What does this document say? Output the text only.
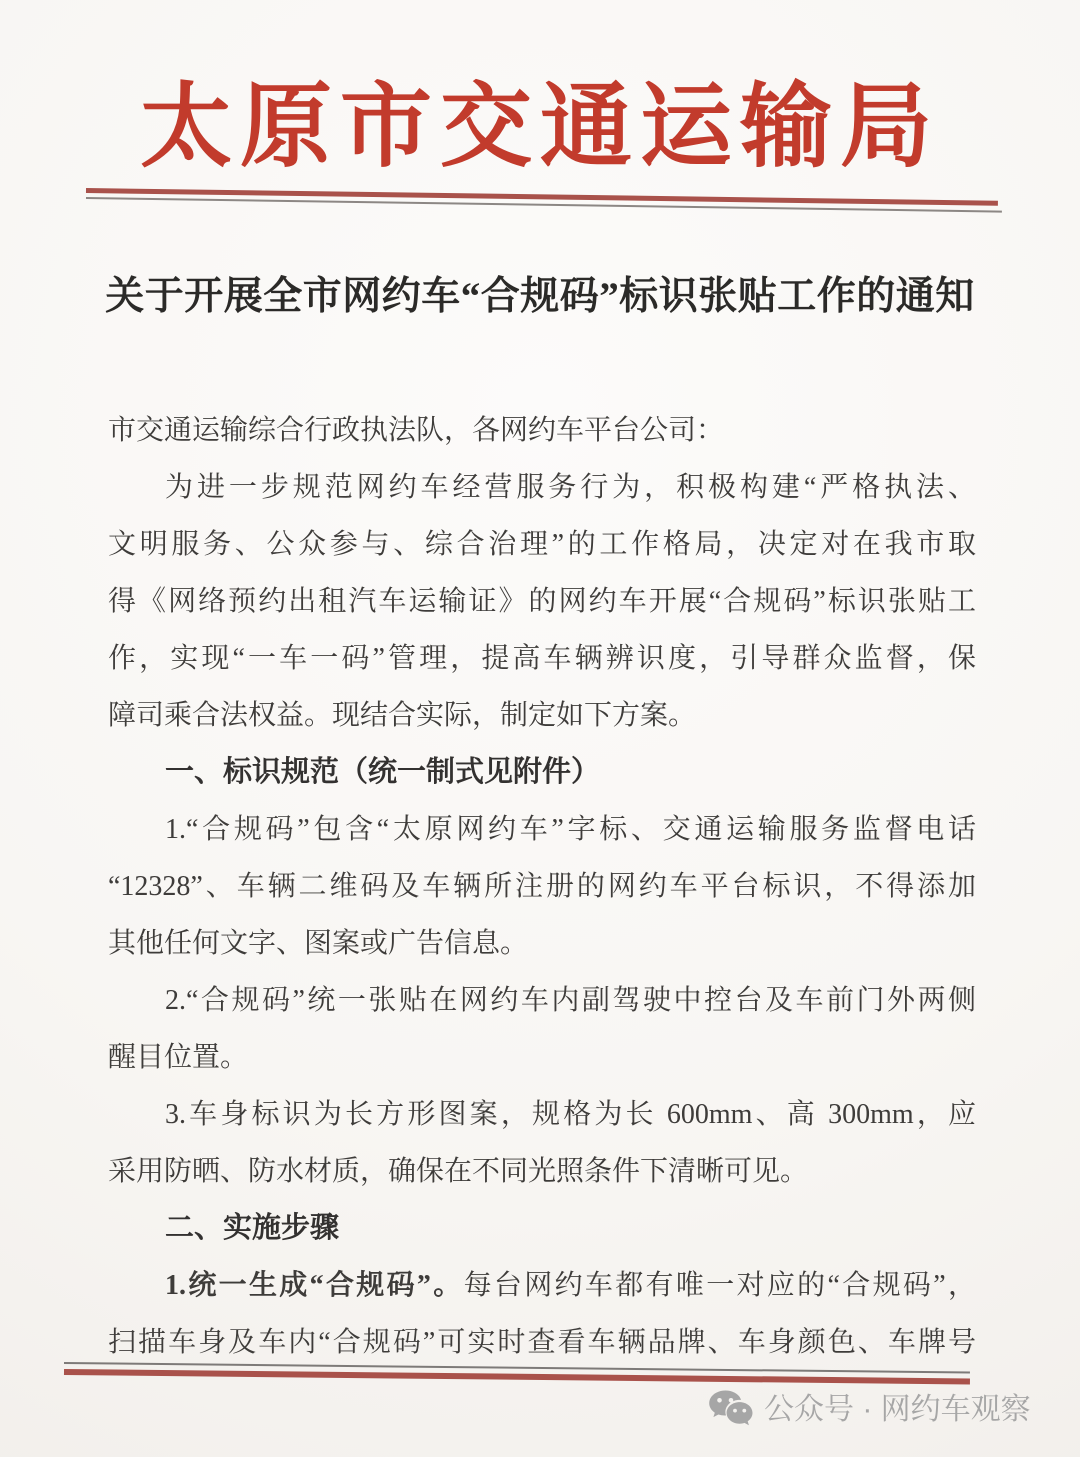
太原市交通运输局
关于开展全市网约车“合规码”标识张贴工作的通知
市交通运输综合行政执法队，各网约车平台公司：
为进一步规范网约车经营服务行为，积极构建“严格执法、
文明服务、公众参与、综合治理”的工作格局，决定对在我市取
得《网络预约出租汽车运输证》的网约车开展“合规码”标识张贴工
作，实现“一车一码”管理，提高车辆辨识度，引导群众监督，保
障司乘合法权益。现结合实际，制定如下方案。
一、标识规范（统一制式见附件）
1.“合规码”包含“太原网约车”字标、交通运输服务监督电话
“12328”、车辆二维码及车辆所注册的网约车平台标识，不得添加
其他任何文字、图案或广告信息。
2.“合规码”统一张贴在网约车内副驾驶中控台及车前门外两侧
醒目位置。
3.车身标识为长方形图案，规格为长 600mm、高 300mm，应
采用防晒、防水材质，确保在不同光照条件下清晰可见。
二、实施步骤
1.统一生成“合规码”。每台网约车都有唯一对应的“合规码”，
扫描车身及车内“合规码”可实时查看车辆品牌、车身颜色、车牌号
公众号 · 网约车观察
